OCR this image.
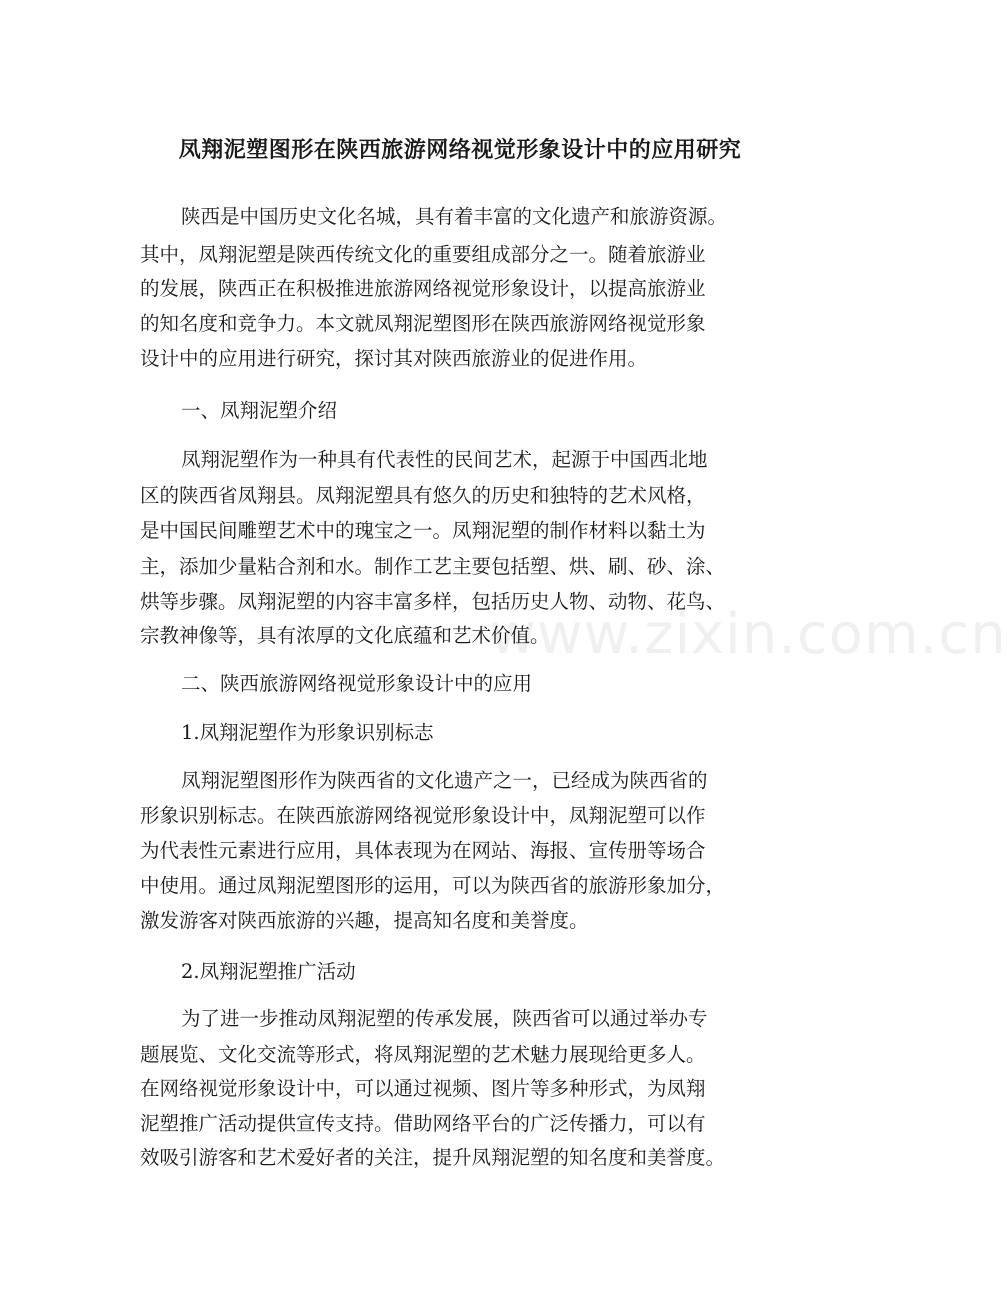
凤翔泥塑图形在陕西旅游网络视觉形象设计中的应用研究
陕西是中国历史文化名城，具有着丰富的文化遗产和旅游资源。
其中，凤翔泥塑是陕西传统文化的重要组成部分之一。随着旅游业
的发展，陕西正在积极推进旅游网络视觉形象设计，以提高旅游业
的知名度和竞争力。本文就凤翔泥塑图形在陕西旅游网络视觉形象
设计中的应用进行研究，探讨其对陕西旅游业的促进作用。
一、凤翔泥塑介绍
凤翔泥塑作为一种具有代表性的民间艺术，起源于中国西北地
区的陕西省凤翔县。凤翔泥塑具有悠久的历史和独特的艺术风格，
是中国民间雕塑艺术中的瑰宝之一。凤翔泥塑的制作材料以黏土为
主，添加少量粘合剂和水。制作工艺主要包括塑、烘、刷、砂、涂、
烘等步骤。凤翔泥塑的内容丰富多样，包括历史人物、动物、花鸟、
宗教神像等，具有浓厚的文化底蕴和艺术价值。
二、陕西旅游网络视觉形象设计中的应用
1.凤翔泥塑作为形象识别标志
凤翔泥塑图形作为陕西省的文化遗产之一，已经成为陕西省的
形象识别标志。在陕西旅游网络视觉形象设计中，凤翔泥塑可以作
为代表性元素进行应用，具体表现为在网站、海报、宣传册等场合
中使用。通过凤翔泥塑图形的运用，可以为陕西省的旅游形象加分，
激发游客对陕西旅游的兴趣，提高知名度和美誉度。
2.凤翔泥塑推广活动
为了进一步推动凤翔泥塑的传承发展，陕西省可以通过举办专
题展览、文化交流等形式，将凤翔泥塑的艺术魅力展现给更多人。
在网络视觉形象设计中，可以通过视频、图片等多种形式，为凤翔
泥塑推广活动提供宣传支持。借助网络平台的广泛传播力，可以有
效吸引游客和艺术爱好者的关注，提升凤翔泥塑的知名度和美誉度。
www.zixin.com.cn
